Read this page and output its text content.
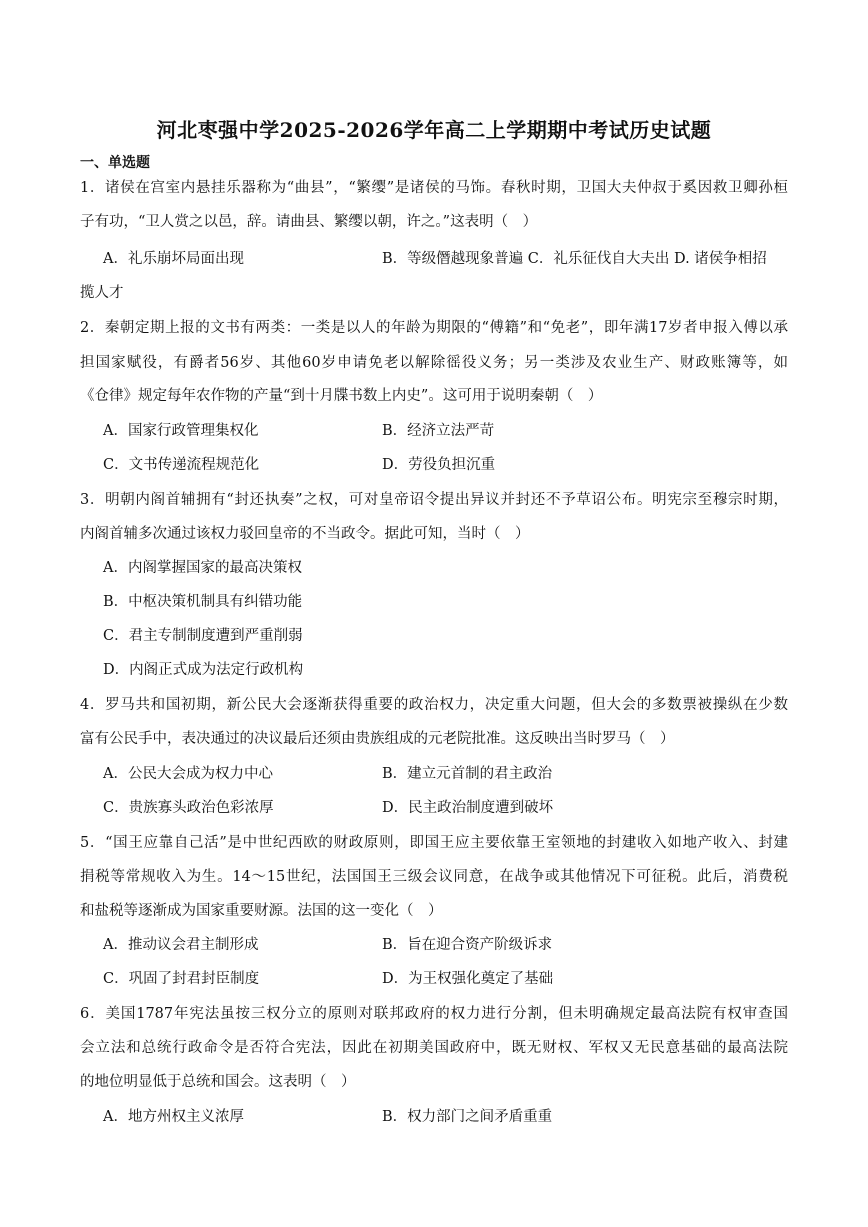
河北枣强中学2025-2026学年高二上学期期中考试历史试题
一、单选题
1．诸侯在宫室内悬挂乐器称为“曲县”，“繁缨”是诸侯的马饰。春秋时期，卫国大夫仲叔于奚因救卫卿孙桓
子有功，“卫人赏之以邑，辞。请曲县、繁缨以朝，许之。”这表明（　）
A．礼乐崩坏局面出现	B．等级僭越现象普遍 C．礼乐征伐自大夫出 D. 诸侯争相招
揽人才
2．秦朝定期上报的文书有两类：一类是以人的年龄为期限的“傅籍”和“免老”，即年满17岁者申报入傅以承
担国家赋役，有爵者56岁、其他60岁申请免老以解除徭役义务；另一类涉及农业生产、财政账簿等，如
《仓律》规定每年农作物的产量“到十月牒书数上内史”。这可用于说明秦朝（　）
A．国家行政管理集权化	B．经济立法严苛
C．文书传递流程规范化	D．劳役负担沉重
3．明朝内阁首辅拥有“封还执奏”之权，可对皇帝诏令提出异议并封还不予草诏公布。明宪宗至穆宗时期，
内阁首辅多次通过该权力驳回皇帝的不当政令。据此可知，当时（　）
A．内阁掌握国家的最高决策权
B．中枢决策机制具有纠错功能
C．君主专制制度遭到严重削弱
D．内阁正式成为法定行政机构
4．罗马共和国初期，新公民大会逐渐获得重要的政治权力，决定重大问题，但大会的多数票被操纵在少数
富有公民手中，表决通过的决议最后还须由贵族组成的元老院批准。这反映出当时罗马（　）
A．公民大会成为权力中心	B．建立元首制的君主政治
C．贵族寡头政治色彩浓厚	D．民主政治制度遭到破坏
5．“国王应靠自己活”是中世纪西欧的财政原则，即国王应主要依靠王室领地的封建收入如地产收入、封建
捐税等常规收入为生。14～15世纪，法国国王三级会议同意，在战争或其他情况下可征税。此后，消费税
和盐税等逐渐成为国家重要财源。法国的这一变化（　）
A．推动议会君主制形成	B．旨在迎合资产阶级诉求
C．巩固了封君封臣制度	D．为王权强化奠定了基础
6．美国1787年宪法虽按三权分立的原则对联邦政府的权力进行分割，但未明确规定最高法院有权审查国
会立法和总统行政命令是否符合宪法，因此在初期美国政府中，既无财权、军权又无民意基础的最高法院
的地位明显低于总统和国会。这表明（　）
A．地方州权主义浓厚	B．权力部门之间矛盾重重
